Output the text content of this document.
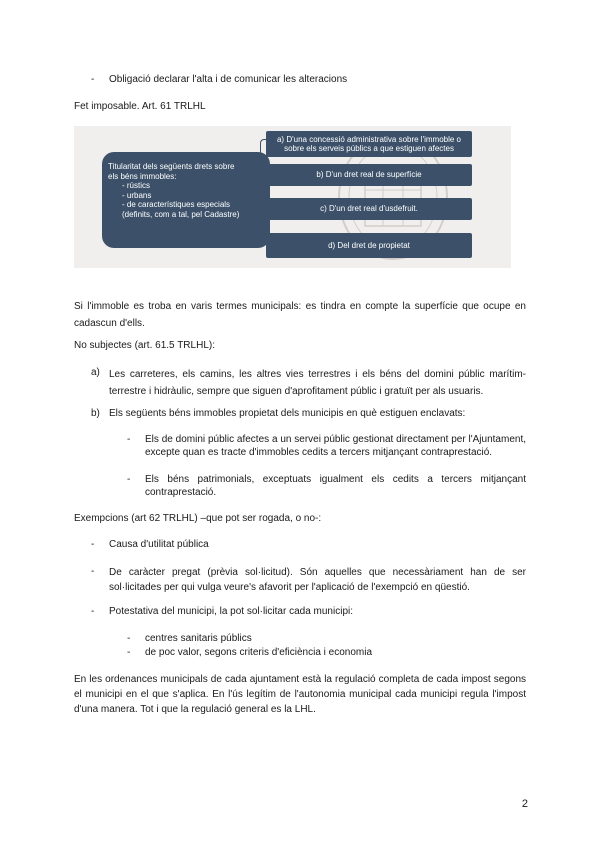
- Obligació declarar l'alta i de comunicar les alteracions
Fet imposable. Art. 61 TRLHL
Titularitat dels següents drets sobre
els béns immobles:
- rústics
- urbans
- de característiques especials
(definits, com a tal, pel Cadastre)
a) D'una concessió administrativa sobre l'immoble o
sobre els serveis públics a que estiguen afectes
b) D'un dret real de superfície
c) D'un dret real d'usdefruit.
d) Del dret de propietat

Si l'immoble es troba en varis termes municipals: es tindra en compte la superfície que ocupe en cadascun d'ells.

No subjectes (art. 61.5 TRLHL):
a) Les carreteres, els camins, les altres vies terrestres i els béns del domini públic marítim-terrestre i hidràulic, sempre que siguen d'aprofitament públic i gratuït per als usuaris.

b) Els següents béns immobles propietat dels municipis en què estiguen enclavats:
- Els de domini públic afectes a un servei públic gestionat directament per l'Ajuntament, excepte quan es tracte d'immobles cedits a tercers mitjançant contraprestació.

- Els béns patrimonials, exceptuats igualment els cedits a tercers mitjançant contraprestació.

Exempcions (art 62 TRLHL) –que pot ser rogada, o no-:
- Causa d'utilitat pública
- De caràcter pregat (prèvia sol·licitud). Són aquelles que necessàriament han de ser sol·licitades per qui vulga veure's afavorit per l'aplicació de l'exempció en qüestió.

- Potestativa del municipi, la pot sol·licitar cada municipi:
- centres sanitaris públics
- de poc valor, segons criteris d'eficiència i economia

En les ordenances municipals de cada ajuntament està la regulació completa de cada impost segons el municipi en el que s'aplica. En l'ús legítim de l'autonomia municipal cada municipi regula l'impost d'una manera. Tot i que la regulació general es la LHL.

2
